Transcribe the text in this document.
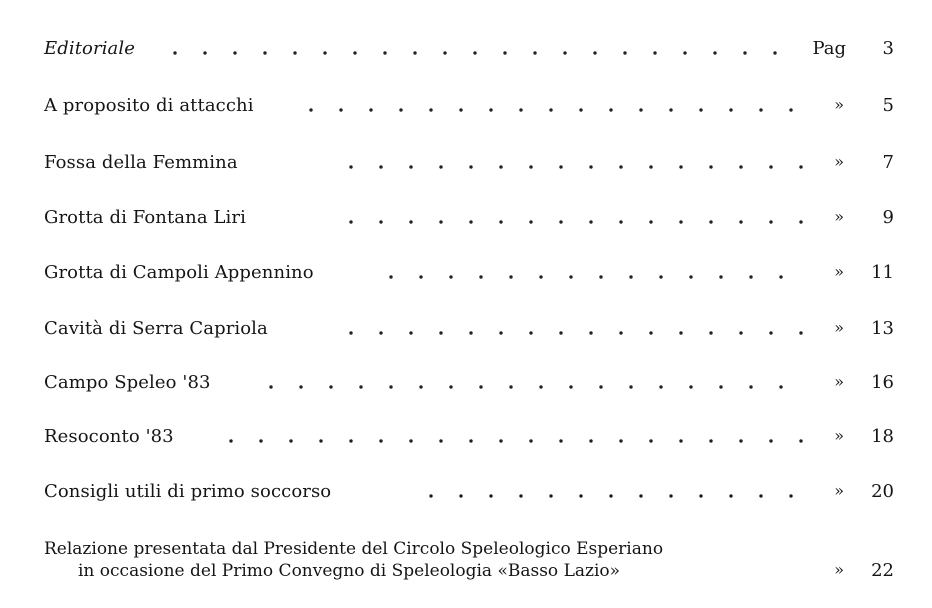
Editoriale	Pag	3
A proposito di attacchi	»	5
Fossa della Femmina	»	7
Grotta di Fontana Liri	»	9
Grotta di Campoli Appennino	»	11
Cavità di Serra Capriola	»	13
Campo Speleo '83	»	16
Resoconto '83	»	18
Consigli utili di primo soccorso	»	20
Relazione presentata dal Presidente del Circolo Speleologico Esperiano
in occasione del Primo Convegno di Speleologia «Basso Lazio»	»	22
